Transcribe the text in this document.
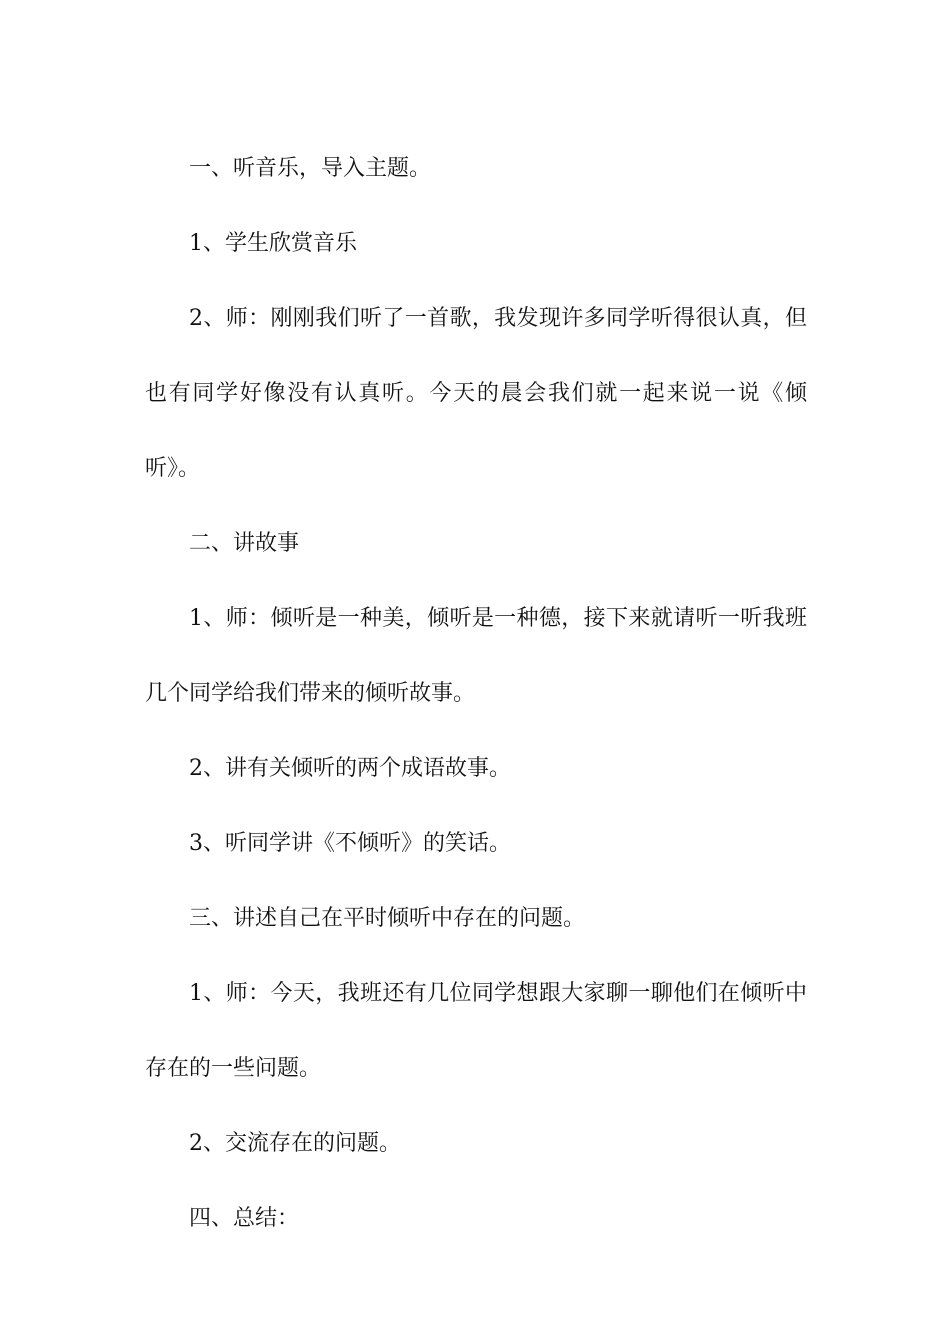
一、听音乐，导入主题。

1、学生欣赏音乐

2、师：刚刚我们听了一首歌，我发现许多同学听得很认真，但也有同学好像没有认真听。今天的晨会我们就一起来说一说《倾听》。

二、讲故事

1、师：倾听是一种美，倾听是一种德，接下来就请听一听我班几个同学给我们带来的倾听故事。

2、讲有关倾听的两个成语故事。

3、听同学讲《不倾听》的笑话。

三、讲述自己在平时倾听中存在的问题。

1、师：今天，我班还有几位同学想跟大家聊一聊他们在倾听中存在的一些问题。

2、交流存在的问题。

四、总结：
